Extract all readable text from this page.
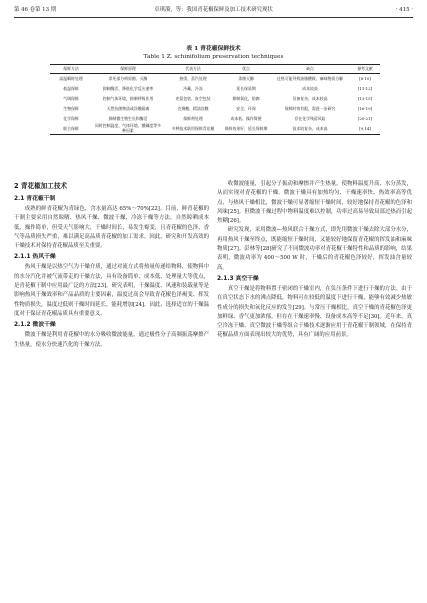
第 46 卷第 13 期	卓琪漪，等：我国青花椒保鲜及加工技术研究现状	· 415 ·
表 1 青花椒保鲜技术
Table 1 Z. schinifolium preservation techniques
保鲜方法	保鲜原理	代表方法	优点	缺点	参考文献
高温瞬时处理	杀死部分病原菌、灭酶	热烫、蒸汽处理	杀菌灭酶	过热可能导致油脂酸败、麻味物质分解	[8-10]
低温保鲜	抑制酶活、降低化学反应速率	冷藏、冷冻	延长保质期	成本较高	[11-12]
气调保鲜	控制气体环境，抑制呼吸作用	充氮包装、真空包装	抑制氧化、防腐	设备复杂，成本较高	[13-15]
生物保鲜	天然抗菌物质或涂膜隔离	壳聚糖、精油涂膜	安全、环保	保鲜时效有限，需进一步研究	[16-19]
化学保鲜	抑制微生物生长和酶活	保鲜剂处理	成本低、操作简便	存在化学残留风险	[20-21]
联合保鲜	同时控制温度、气体环境、酸碱度等多种因素	多种技术联用保鲜青花椒	保鲜效果好、延长保鲜期	技术较复杂、成本高	[9,14]

2 青花椒加工技术

2.1 青花椒干制

成熟的鲜青花椒为青绿色，含水量高达 65%～70%[22]。目前，鲜青花椒的干制主要采用自然晾晒、热风干燥、微波干燥、冷冻干燥等方法。自然晾晒成本低、操作简单，但受天气影响大，干燥时间长，易发生霉变，且青花椒的色泽、香气等品质损失严重，难以满足高品质青花椒的加工需求。因此，研究和开发高效的干燥技术对保持青花椒品质至关重要。

2.1.1 热风干燥

热风干燥是以热空气为干燥介质，通过对流方式将热量传递给物料，使物料中的水分汽化并被气流带走的干燥方法，具有设备简单、成本低、处理量大等优点，是青花椒干制中应用最广泛的方法[23]。研究表明，干燥温度、风速和装载量等是影响热风干燥效率和产品品质的主要因素，温度过高会导致青花椒色泽褐变、挥发性物质损失，温度过低则干燥时间延长，能耗增加[24]。因此，选择适宜的干燥温度对于保证青花椒品质具有重要意义。

2.1.2 微波干燥

微波干燥是利用青花椒中的水分吸收微波能量，通过极性分子高频振荡摩擦产生热量，使水分快速汽化的干燥方法。

收微波能量，引起分子振动和摩擦并产生热量，使物料温度升高、水分蒸发，从而实现对青花椒的干燥。微波干燥具有加热均匀、干燥速率快、热效率高等优点，与热风干燥相比，微波干燥可显著缩短干燥时间，较好地保持青花椒的色泽和风味[25]。但微波干燥过程中物料温度难以控制，功率过高易导致局部过热而引起焦糊[26]。

研究发现，采用微波—热风联合干燥方式，即先用微波干燥去除大部分水分，再用热风干燥至终点，既能缩短干燥时间，又能较好地保留青花椒的挥发油和麻味物质[27]。彭林等[28]研究了不同微波功率对青花椒干燥特性和品质的影响，结果表明，微波功率为 400～500 W 时，干燥后的青花椒色泽较好，挥发油含量较高。

2.1.3 真空干燥

真空干燥是将物料置于密闭的干燥室内，在负压条件下进行干燥的方法。由于在真空状态下水的沸点降低，物料可在较低的温度下进行干燥，能够有效减少热敏性成分的损失和氧化反应的发生[29]。与常压干燥相比，真空干燥的青花椒色泽更加鲜绿、香气更加浓郁，但存在干燥速率慢、设备成本高等不足[30]。近年来，真空冷冻干燥、真空微波干燥等组合干燥技术逐渐应用于青花椒干制领域，在保持青花椒品质方面表现出较大的优势，具有广阔的应用前景。
